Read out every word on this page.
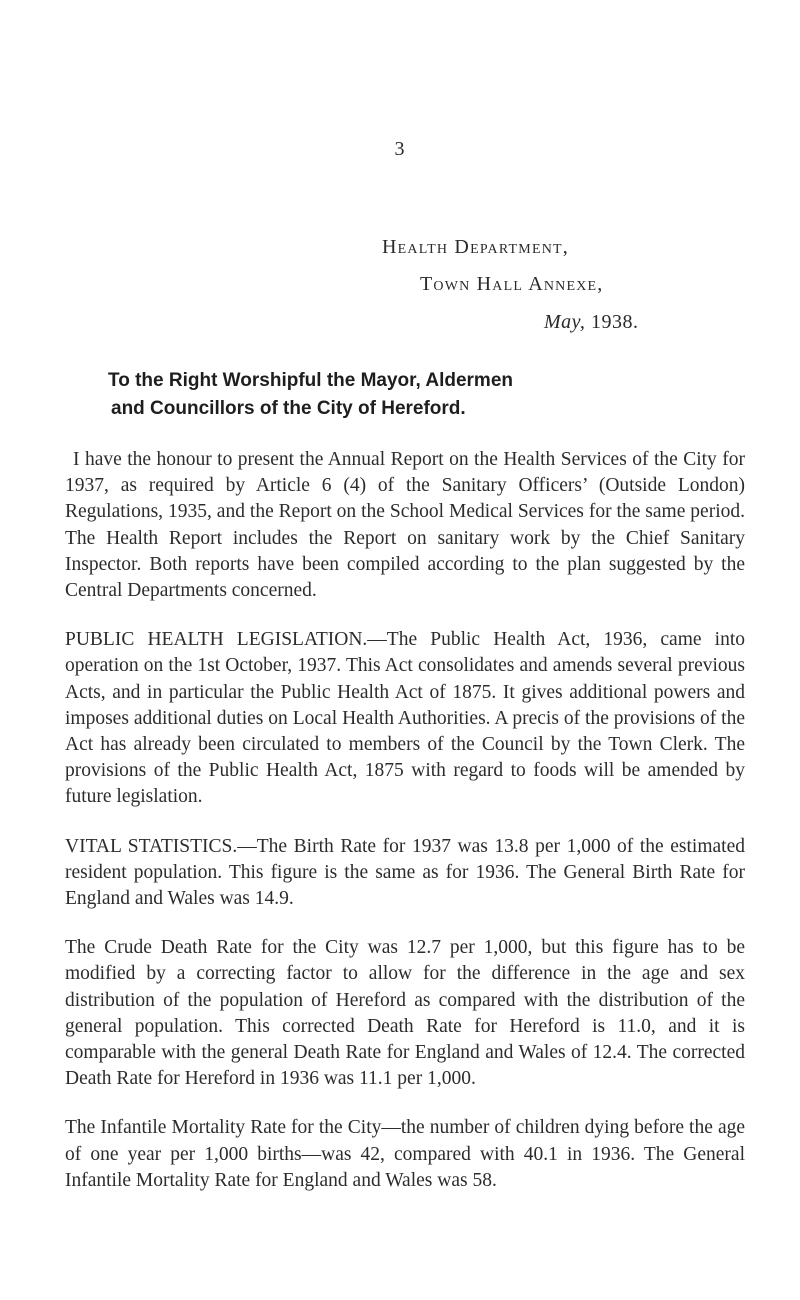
3
Health Department,
Town Hall Annexe,
May, 1938.
To the Right Worshipful the Mayor, Aldermen
and Councillors of the City of Hereford.

I have the honour to present the Annual Report on the Health Services of the City for 1937, as required by Article 6 (4) of the Sanitary Officers’ (Outside London) Regulations, 1935, and the Report on the School Medical Services for the same period. The Health Report includes the Report on sanitary work by the Chief Sanitary Inspector. Both reports have been compiled according to the plan suggested by the Central Departments concerned.

PUBLIC HEALTH LEGISLATION.—The Public Health Act, 1936, came into operation on the 1st October, 1937. This Act consolidates and amends several previous Acts, and in particular the Public Health Act of 1875. It gives additional powers and imposes additional duties on Local Health Authorities. A precis of the provisions of the Act has already been circulated to members of the Council by the Town Clerk. The provisions of the Public Health Act, 1875 with regard to foods will be amended by future legislation.

VITAL STATISTICS.—The Birth Rate for 1937 was 13.8 per 1,000 of the estimated resident population. This figure is the same as for 1936. The General Birth Rate for England and Wales was 14.9.

The Crude Death Rate for the City was 12.7 per 1,000, but this figure has to be modified by a correcting factor to allow for the difference in the age and sex distribution of the population of Hereford as compared with the distribution of the general population. This corrected Death Rate for Hereford is 11.0, and it is comparable with the general Death Rate for England and Wales of 12.4. The corrected Death Rate for Hereford in 1936 was 11.1 per 1,000.

The Infantile Mortality Rate for the City—the number of children dying before the age of one year per 1,000 births—was 42, compared with 40.1 in 1936. The General Infantile Mortality Rate for England and Wales was 58.
